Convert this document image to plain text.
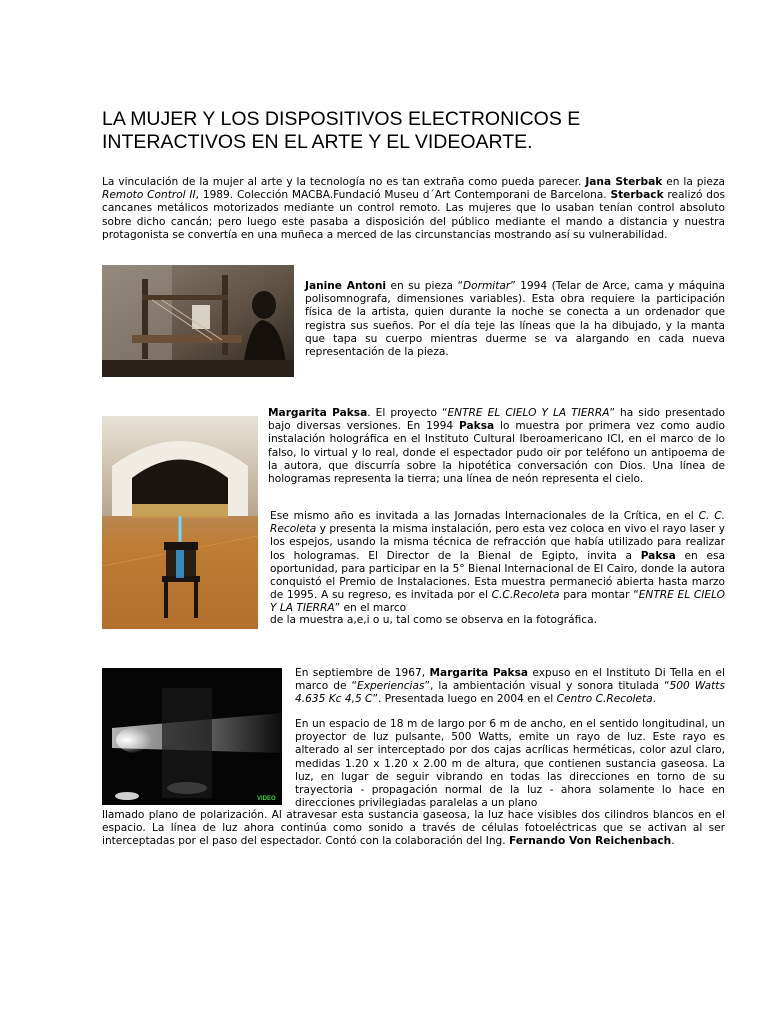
LA MUJER Y LOS DISPOSITIVOS ELECTRONICOS E INTERACTIVOS EN EL ARTE Y EL VIDEOARTE.

La vinculación de la mujer al arte y la tecnología no es tan extraña como pueda parecer. Jana Sterbak en la pieza Remoto Control II, 1989. Colección MACBA.Fundació Museu d´Art Contemporani de Barcelona. Sterback realizó dos cancanes metálicos motorizados mediante un control remoto. Las mujeres que lo usaban tenían control absoluto sobre dicho cancán; pero luego este pasaba a disposición del público mediante el mando a distancia y nuestra protagonista se convertía en una muñeca a merced de las circunstancias mostrando así su vulnerabilidad.

Janine Antoni en su pieza “Dormitar” 1994 (Telar de Arce, cama y máquina polisomnografa, dimensiones variables). Esta obra requiere la participación física de la artista, quien durante la noche se conecta a un ordenador que registra sus sueños. Por el día teje las líneas que la ha dibujado, y la manta que tapa su cuerpo mientras duerme se va alargando en cada nueva representación de la pieza.

Margarita Paksa. El proyecto “ENTRE EL CIELO Y LA TIERRA” ha sido presentado bajo diversas versiones. En 1994 Paksa lo muestra por primera vez como audio instalación holográfica en el Instituto Cultural Iberoamericano ICI, en el marco de lo falso, lo virtual y lo real, donde el espectador pudo oir por teléfono un antipoema de la autora, que discurría sobre la hipotética conversación con Dios. Una línea de hologramas representa la tierra; una línea de neón representa el cielo.

Ese mismo año es invitada a las Jornadas Internacionales de la Crítica, en el C. C. Recoleta y presenta la misma instalación, pero esta vez coloca en vivo el rayo laser y los espejos, usando la misma técnica de refracción que había utilizado para realizar los hologramas. El Director de la Bienal de Egipto, invita a Paksa en esa oportunidad, para participar en la 5° Bienal Internacional de El Cairo, donde la autora conquistó el Premio de Instalaciones. Esta muestra permaneció abierta hasta marzo de 1995. A su regreso, es invitada por el C.C.Recoleta para montar “ENTRE EL CIELO Y LA TIERRA” en el marco

de la muestra a,e,i o u, tal como se observa en la fotográfica.

VIDEO

En septiembre de 1967, Margarita Paksa expuso en el Instituto Di Tella en el marco de “Experiencias”, la ambientación visual y sonora titulada “500 Watts 4.635 Kc 4,5 C”. Presentada luego en 2004 en el Centro C.Recoleta.

En un espacio de 18 m de largo por 6 m de ancho, en el sentido longitudinal, un proyector de luz pulsante, 500 Watts, emite un rayo de luz. Este rayo es alterado al ser interceptado por dos cajas acrílicas herméticas, color azul claro, medidas 1.20 x 1.20 x 2.00 m de altura, que contienen sustancia gaseosa. La luz, en lugar de seguir vibrando en todas las direcciones en torno de su trayectoria - propagación normal de la luz - ahora solamente lo hace en direcciones privilegiadas paralelas a un plano

llamado plano de polarización. Al atravesar esta sustancia gaseosa, la luz hace visibles dos cilindros blancos en el espacio. La línea de luz ahora continúa como sonido a través de células fotoeléctricas que se activan al ser interceptadas por el paso del espectador. Contó con la colaboración del Ing. Fernando Von Reichenbach.
